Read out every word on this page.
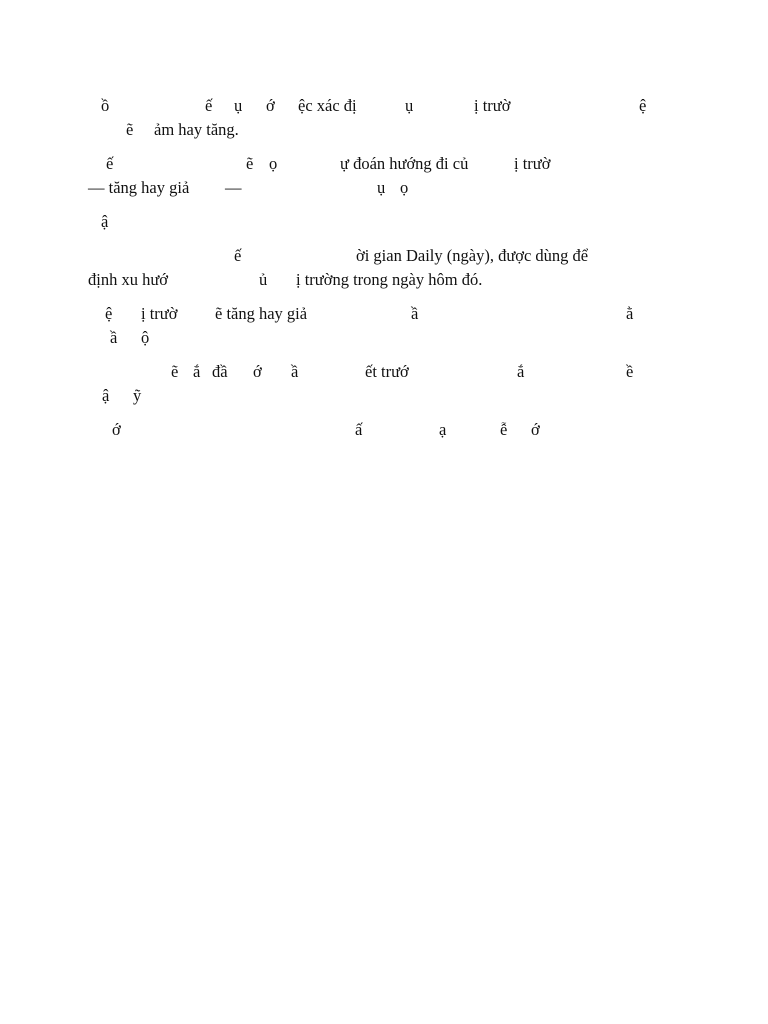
ồ	ế ụ ớ ệc xác đị	ụ	ị trườ	ệ
ẽ ảm hay tăng.
ế	ẽ ọ	ự đoán hướng đi củ	ị trườ
— tăng hay giả —	ụ ọ
ậ
ế	ời gian Daily (ngày), được dùng để
định xu hướ	ủ ị trường trong ngày hôm đó.
ệ ị trườ ẽ tăng hay giả	ầ	ằ
ầ ộ
ẽ ắ đầ ớ ầ	ết trướ	ắ	ề
ậ ỹ
ớ	ấ	ạ	ễ ớ
